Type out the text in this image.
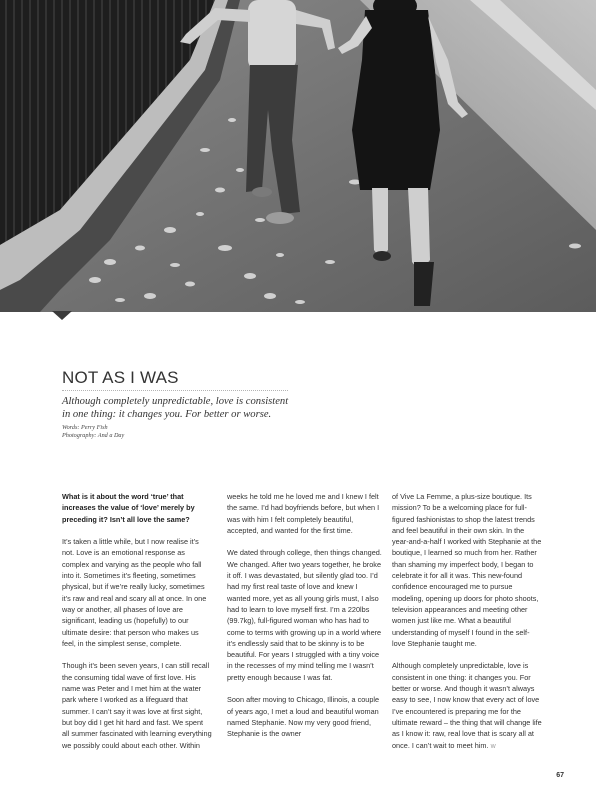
NOT AS I WAS
Although completely unpredictable, love is consistent
in one thing: it changes you. For better or worse.
Words: Perry Fish
Photography: And a Day

What is it about the word ‘true’ that increases the value of ‘love’ merely by preceding it? Isn’t all love the same?

It’s taken a little while, but I now realise it’s not. Love is an emotional response as complex and varying as the people who fall into it. Sometimes it’s fleeting, sometimes physical, but if we’re really lucky, sometimes it’s raw and real and scary all at once. In one way or another, all phases of love are significant, leading us (hopefully) to our ultimate desire: that person who makes us feel, in the simplest sense, complete.

Though it’s been seven years, I can still recall the consuming tidal wave of first love. His name was Peter and I met him at the water park where I worked as a lifeguard that summer. I can’t say it was love at first sight, but boy did I get hit hard and fast. We spent all summer fascinated with learning everything we possibly could about each other. Within

weeks he told me he loved me and I knew I felt the same. I’d had boyfriends before, but when I was with him I felt completely beautiful, accepted, and wanted for the first time.

We dated through college, then things changed. We changed. After two years together, he broke it off. I was devastated, but silently glad too. I’d had my first real taste of love and knew I wanted more, yet as all young girls must, I also had to learn to love myself first. I’m a 220lbs (99.7kg), full-figured woman who has had to come to terms with growing up in a world where it’s endlessly said that to be skinny is to be beautiful. For years I struggled with a tiny voice in the recesses of my mind telling me I wasn’t pretty enough because I was fat.

Soon after moving to Chicago, Illinois, a couple of years ago, I met a loud and beautiful woman named Stephanie. Now my very good friend, Stephanie is the owner

of Vive La Femme, a plus-size boutique. Its mission? To be a welcoming place for full-figured fashionistas to shop the latest trends and feel beautiful in their own skin. In the year-and-a-half I worked with Stephanie at the boutique, I learned so much from her. Rather than shaming my imperfect body, I began to celebrate it for all it was. This new-found confidence encouraged me to pursue modeling, opening up doors for photo shoots, television appearances and meeting other women just like me. What a beautiful understanding of myself I found in the self-love Stephanie taught me.

Although completely unpredictable, love is consistent in one thing: it changes you. For better or worse. And though it wasn’t always easy to see, I now know that every act of love I’ve encountered is preparing me for the ultimate reward – the thing that will change life as I know it: raw, real love that is scary all at once. I can’t wait to meet him. w

67
